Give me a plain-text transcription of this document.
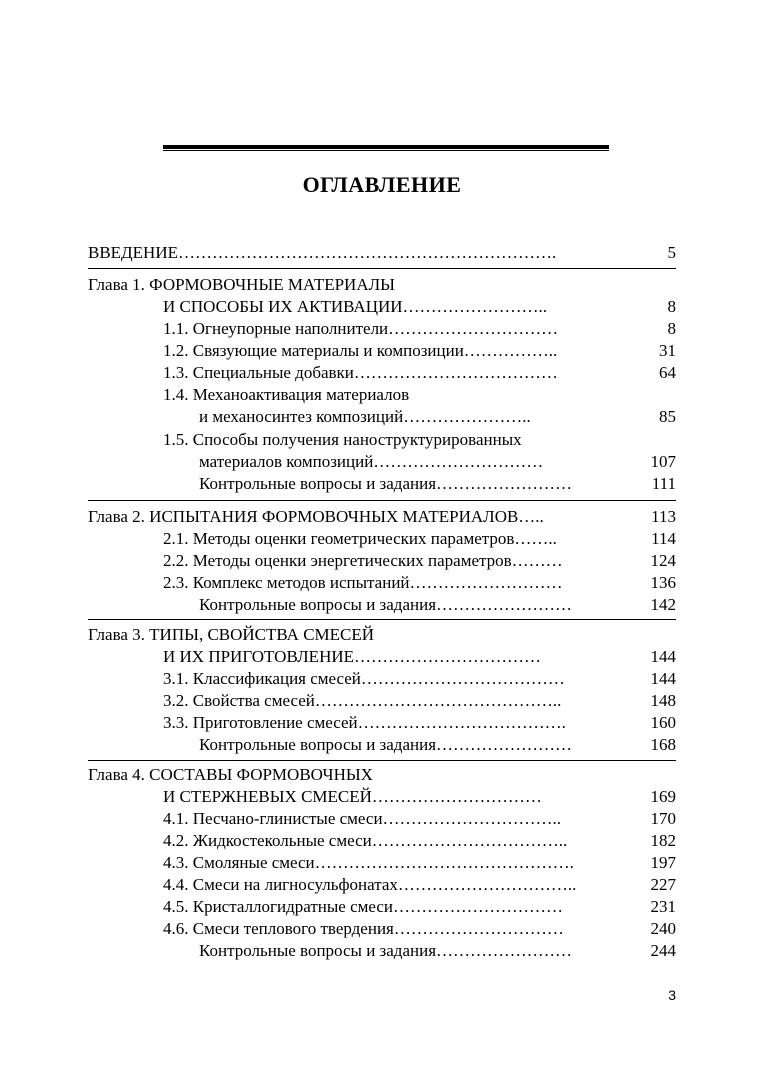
ОГЛАВЛЕНИЕ
ВВЕДЕНИЕ………………………………………………………….	5
Глава 1. ФОРМОВОЧНЫЕ МАТЕРИАЛЫ
И СПОСОБЫ ИХ АКТИВАЦИИ……………………..	8
1.1. Огнеупорные наполнители…………………………	8
1.2. Связующие материалы и композиции……………..	31
1.3. Специальные добавки………………………………	64
1.4. Механоактивация материалов
и механосинтез композиций…………………..	85
1.5. Способы получения наноструктурированных
материалов композиций…………………………	107
Контрольные вопросы и задания……………………	111
Глава 2. ИСПЫТАНИЯ ФОРМОВОЧНЫХ МАТЕРИАЛОВ…..	113
2.1. Методы оценки геометрических параметров……..	114
2.2. Методы оценки энергетических параметров………	124
2.3. Комплекс методов испытаний………………………	136
Контрольные вопросы и задания……………………	142
Глава 3. ТИПЫ, СВОЙСТВА СМЕСЕЙ
И ИХ ПРИГОТОВЛЕНИЕ……………………………	144
3.1. Классификация смесей………………………………	144
3.2. Свойства смесей……………………………………..	148
3.3. Приготовление смесей……………………………….	160
Контрольные вопросы и задания……………………	168
Глава 4. СОСТАВЫ ФОРМОВОЧНЫХ
И СТЕРЖНЕВЫХ СМЕСЕЙ…………………………	169
4.1. Песчано-глинистые смеси…………………………..	170
4.2. Жидкостекольные смеси……………………………..	182
4.3. Смоляные смеси……………………………………….	197
4.4. Смеси на лигносульфонатах…………………………..	227
4.5. Кристаллогидратные смеси…………………………	231
4.6. Смеси теплового твердения…………………………	240
Контрольные вопросы и задания……………………	244
3
